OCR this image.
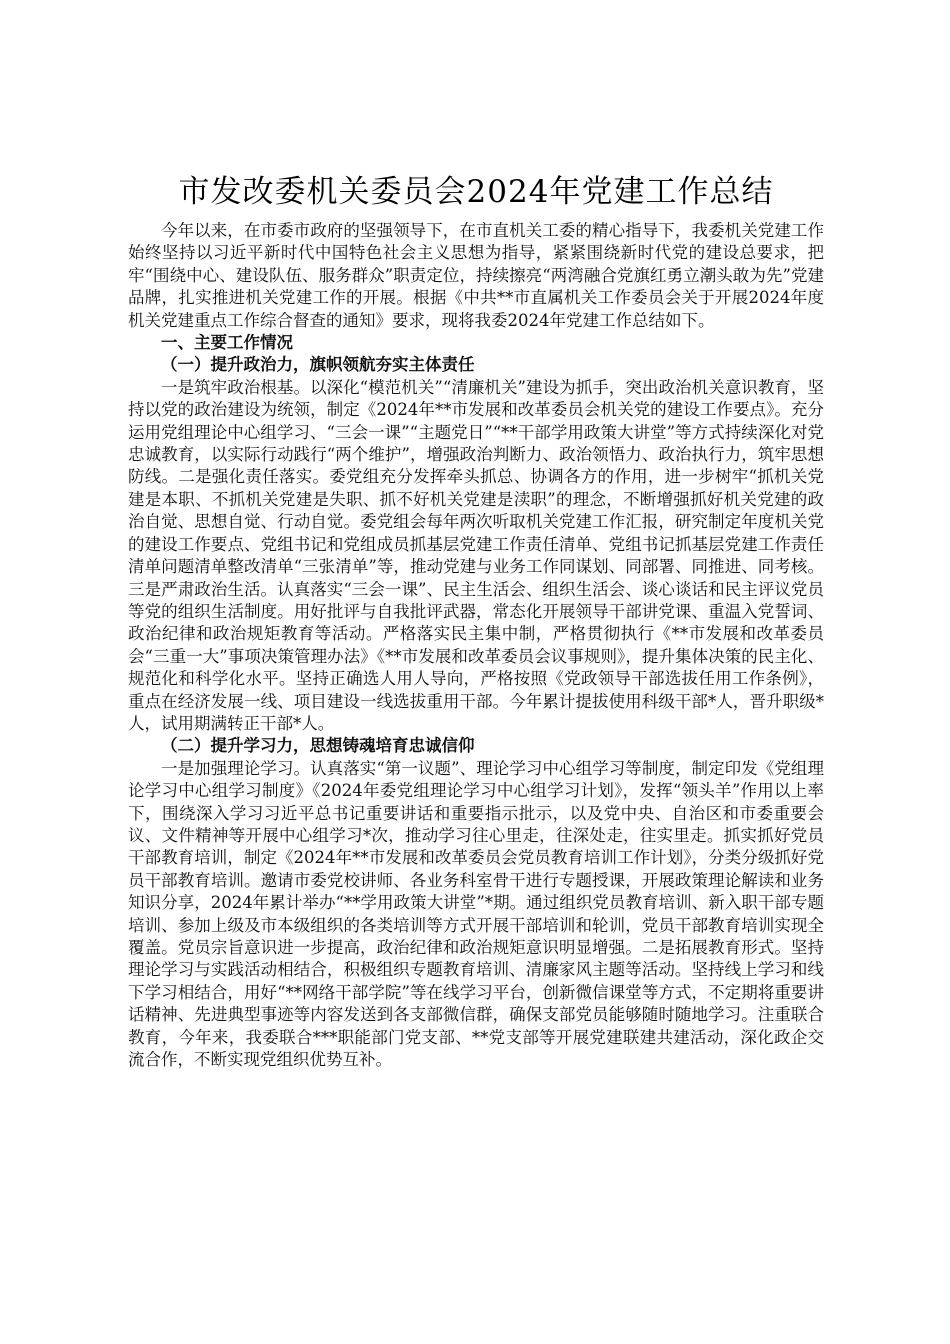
市发改委机关委员会2024年党建工作总结

今年以来，在市委市政府的坚强领导下，在市直机关工委的精心指导下，我委机关党建工作始终坚持以习近平新时代中国特色社会主义思想为指导，紧紧围绕新时代党的建设总要求，把牢“围绕中心、建设队伍、服务群众”职责定位，持续擦亮“两湾融合党旗红勇立潮头敢为先”党建品牌，扎实推进机关党建工作的开展。根据《中共**市直属机关工作委员会关于开展2024年度机关党建重点工作综合督查的通知》要求，现将我委2024年党建工作总结如下。

一、主要工作情况

（一）提升政治力，旗帜领航夯实主体责任

一是筑牢政治根基。以深化“模范机关”“清廉机关”建设为抓手，突出政治机关意识教育，坚持以党的政治建设为统领，制定《2024年**市发展和改革委员会机关党的建设工作要点》。充分运用党组理论中心组学习、“三会一课”“主题党日”“**干部学用政策大讲堂”等方式持续深化对党忠诚教育，以实际行动践行“两个维护”，增强政治判断力、政治领悟力、政治执行力，筑牢思想防线。二是强化责任落实。委党组充分发挥牵头抓总、协调各方的作用，进一步树牢“抓机关党建是本职、不抓机关党建是失职、抓不好机关党建是渎职”的理念，不断增强抓好机关党建的政治自觉、思想自觉、行动自觉。委党组会每年两次听取机关党建工作汇报，研究制定年度机关党的建设工作要点、党组书记和党组成员抓基层党建工作责任清单、党组书记抓基层党建工作责任清单问题清单整改清单“三张清单”等，推动党建与业务工作同谋划、同部署、同推进、同考核。三是严肃政治生活。认真落实“三会一课”、民主生活会、组织生活会、谈心谈话和民主评议党员等党的组织生活制度。用好批评与自我批评武器，常态化开展领导干部讲党课、重温入党誓词、政治纪律和政治规矩教育等活动。严格落实民主集中制，严格贯彻执行《**市发展和改革委员会“三重一大”事项决策管理办法》《**市发展和改革委员会议事规则》，提升集体决策的民主化、规范化和科学化水平。坚持正确选人用人导向，严格按照《党政领导干部选拔任用工作条例》，重点在经济发展一线、项目建设一线选拔重用干部。今年累计提拔使用科级干部*人，晋升职级*人，试用期满转正干部*人。

（二）提升学习力，思想铸魂培育忠诚信仰

一是加强理论学习。认真落实“第一议题”、理论学习中心组学习等制度，制定印发《党组理论学习中心组学习制度》《2024年委党组理论学习中心组学习计划》，发挥“领头羊”作用以上率下，围绕深入学习习近平总书记重要讲话和重要指示批示，以及党中央、自治区和市委重要会议、文件精神等开展中心组学习*次，推动学习往心里走，往深处走，往实里走。抓实抓好党员干部教育培训，制定《2024年**市发展和改革委员会党员教育培训工作计划》，分类分级抓好党员干部教育培训。邀请市委党校讲师、各业务科室骨干进行专题授课，开展政策理论解读和业务知识分享，2024年累计举办“**学用政策大讲堂”*期。通过组织党员教育培训、新入职干部专题培训、参加上级及市本级组织的各类培训等方式开展干部培训和轮训，党员干部教育培训实现全覆盖。党员宗旨意识进一步提高，政治纪律和政治规矩意识明显增强。二是拓展教育形式。坚持理论学习与实践活动相结合，积极组织专题教育培训、清廉家风主题等活动。坚持线上学习和线下学习相结合，用好“**网络干部学院”等在线学习平台，创新微信课堂等方式，不定期将重要讲话精神、先进典型事迹等内容发送到各支部微信群，确保支部党员能够随时随地学习。注重联合教育，今年来，我委联合***职能部门党支部、**党支部等开展党建联建共建活动，深化政企交流合作，不断实现党组织优势互补。
